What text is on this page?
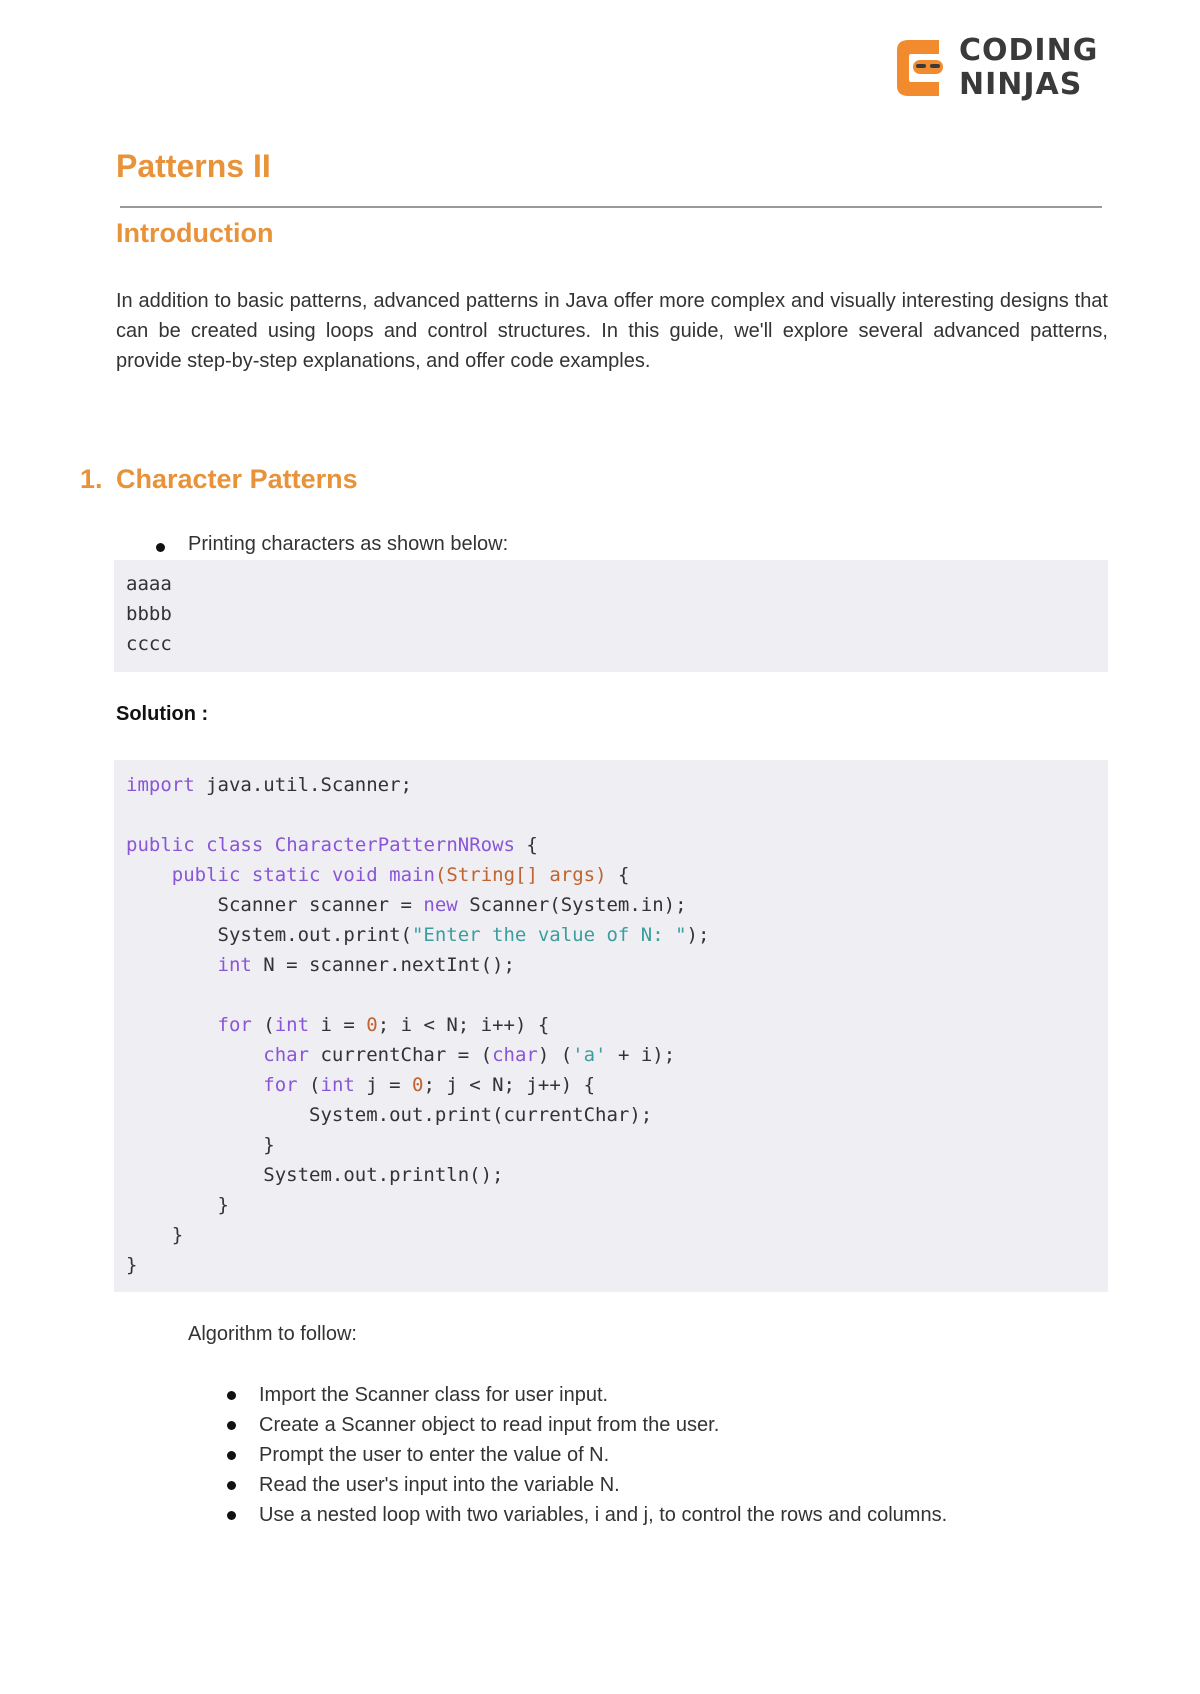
CODING
NINJAS
Patterns II
Introduction

In addition to basic patterns, advanced patterns in Java offer more complex and visually interesting designs that can be created using loops and control structures. In this guide, we'll explore several advanced patterns, provide step-by-step explanations, and offer code examples.

1. Character Patterns
Printing characters as shown below:
aaaa
bbbb
cccc

Solution :

import java.util.Scanner;

public class CharacterPatternNRows {
public static void main(String[] args) {
Scanner scanner = new Scanner(System.in);
System.out.print("Enter the value of N: ");
int N = scanner.nextInt();

for (int i = 0; i < N; i++) {
char currentChar = (char) ('a' + i);
for (int j = 0; j < N; j++) {
System.out.print(currentChar);
}
System.out.println();
}
}
}

Algorithm to follow:

Import the Scanner class for user input.
Create a Scanner object to read input from the user.
Prompt the user to enter the value of N.
Read the user's input into the variable N.
Use a nested loop with two variables, i and j, to control the rows and columns.
